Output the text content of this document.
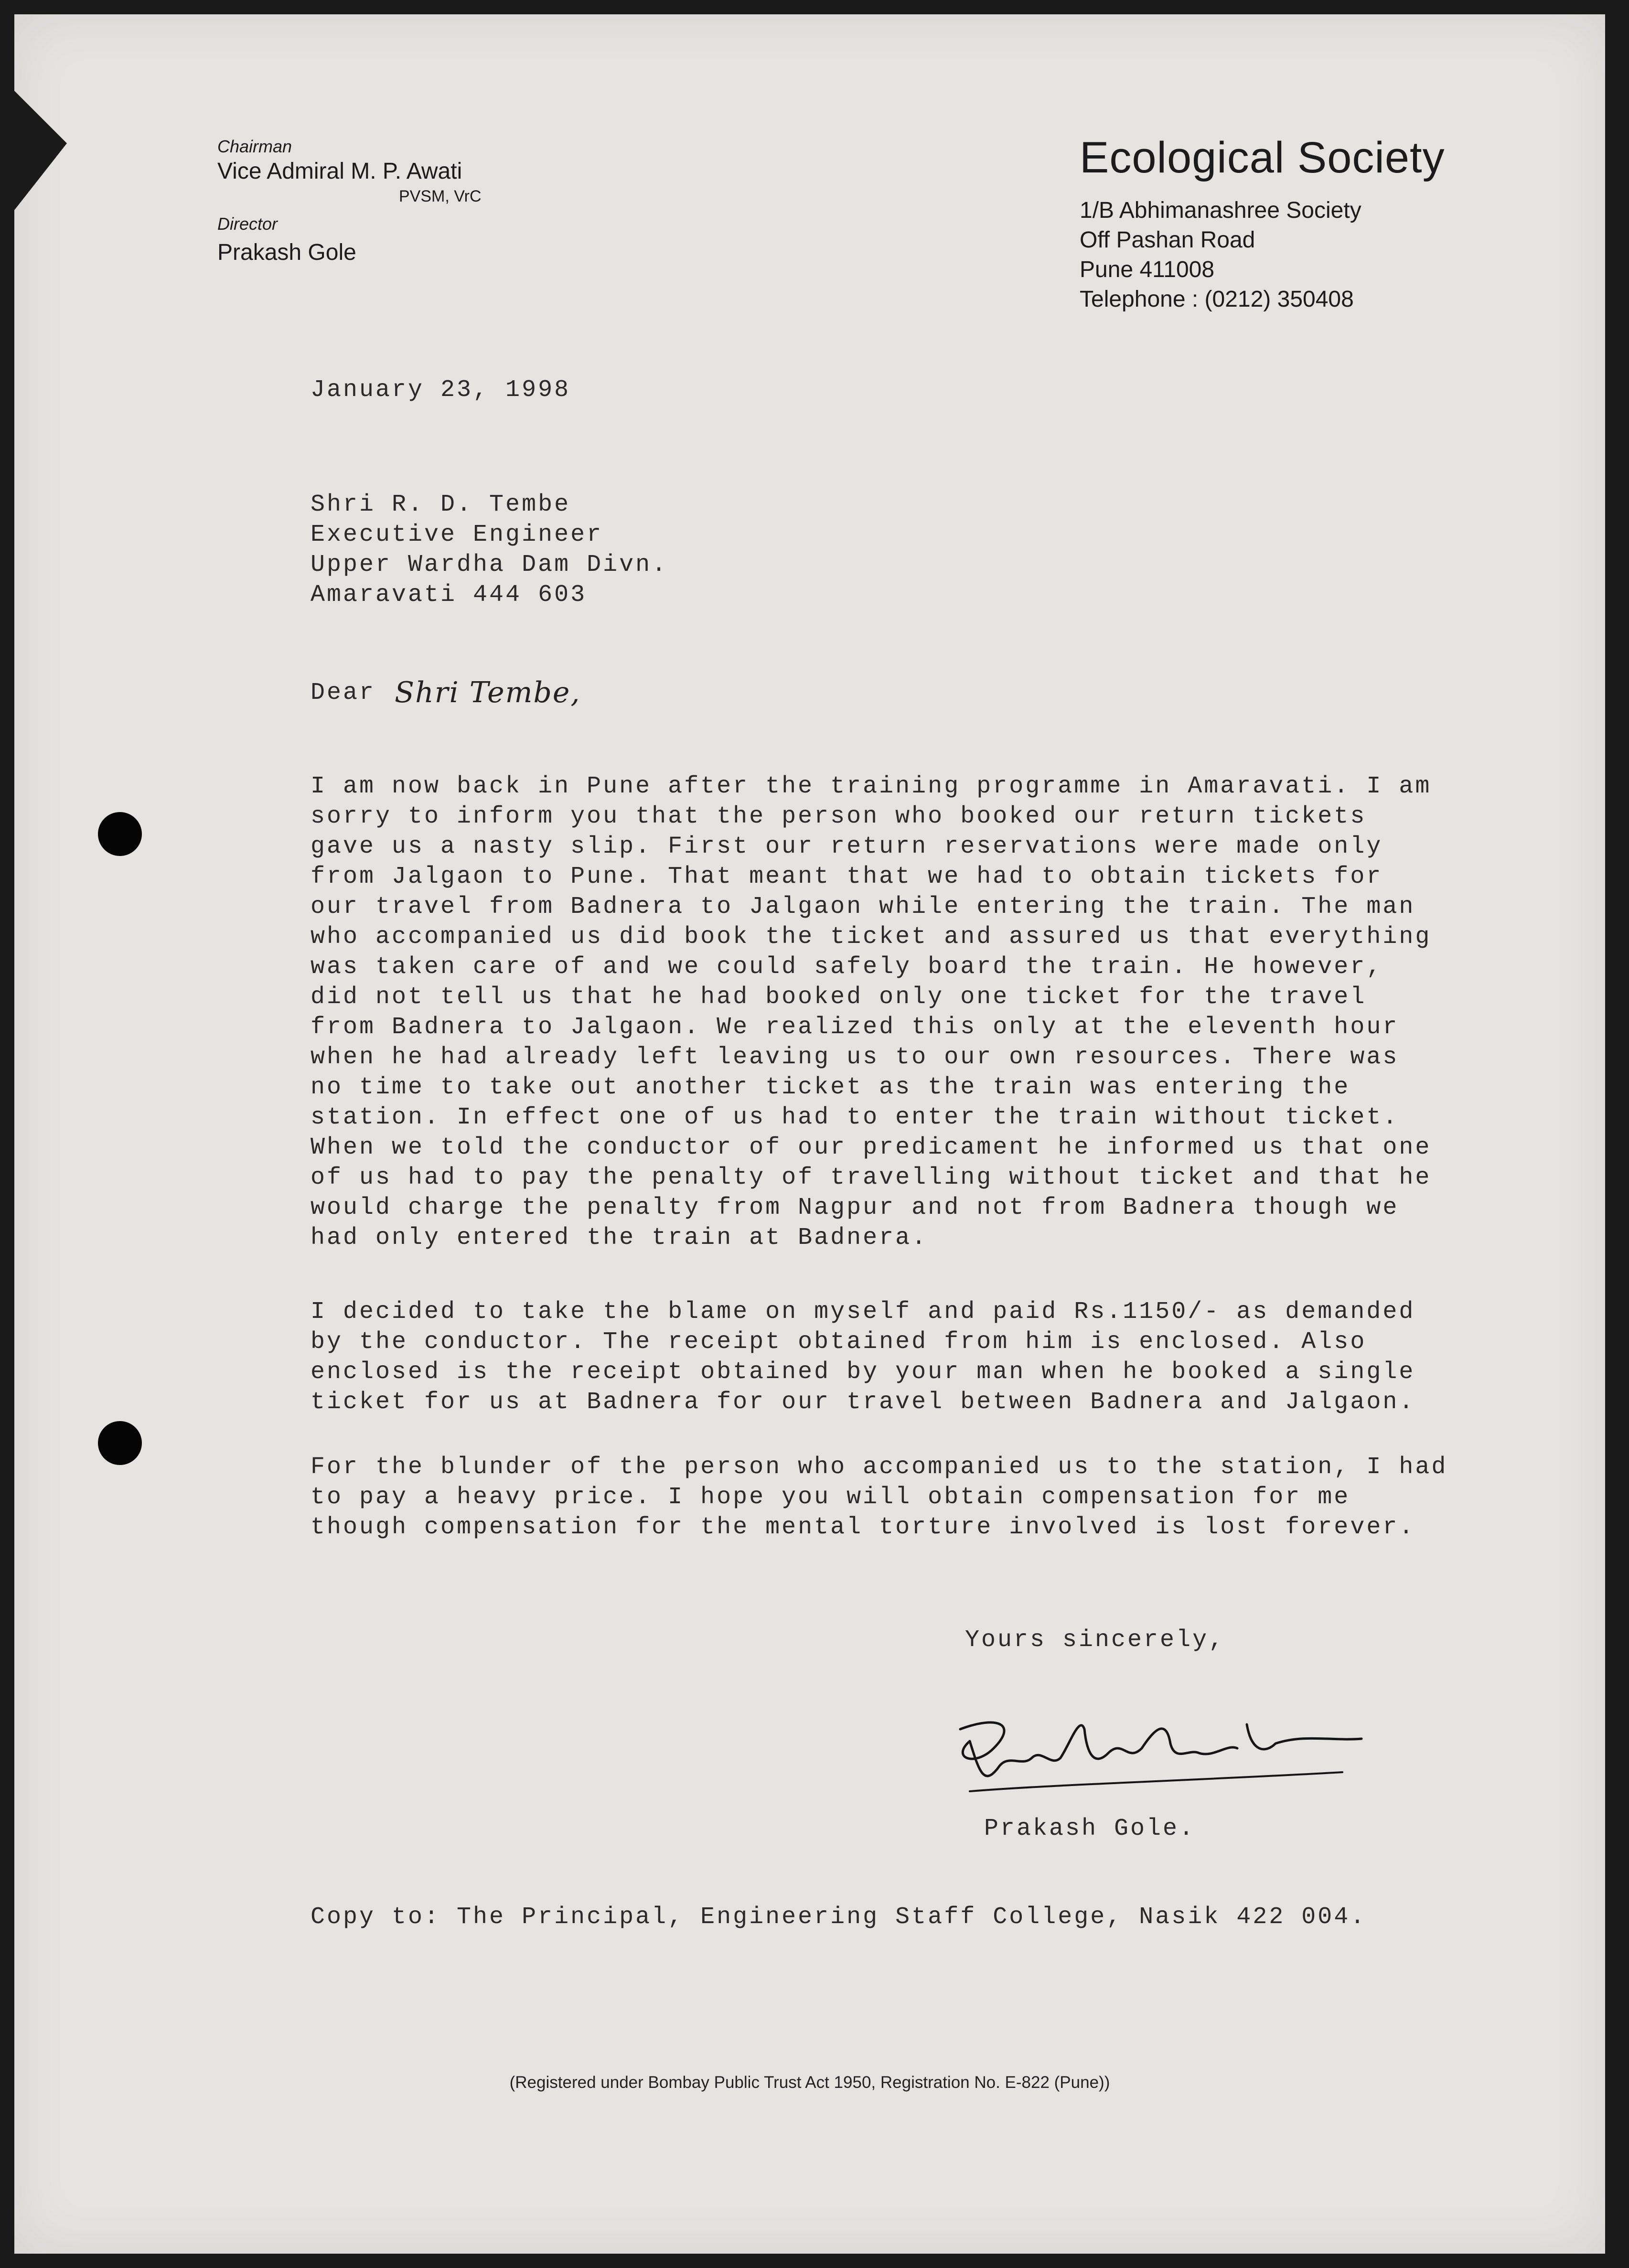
Chairman
Vice Admiral M. P. Awati
PVSM, VrC
Director
Prakash Gole
Ecological Society
1/B Abhimanashree Society
Off Pashan Road
Pune 411008
Telephone : (0212) 350408
January 23, 1998
Shri R. D. Tembe
Executive Engineer
Upper Wardha Dam Divn.
Amaravati 444 603
Dear Shri Tembe,
I am now back in Pune after the training programme in Amaravati. I am
sorry to inform you that the person who booked our return tickets
gave us a nasty slip. First our return reservations were made only
from Jalgaon to Pune. That meant that we had to obtain tickets for
our travel from Badnera to Jalgaon while entering the train. The man
who accompanied us did book the ticket and assured us that everything
was taken care of and we could safely board the train. He however,
did not tell us that he had booked only one ticket for the travel
from Badnera to Jalgaon. We realized this only at the eleventh hour
when he had already left leaving us to our own resources. There was
no time to take out another ticket as the train was entering the
station. In effect one of us had to enter the train without ticket.
When we told the conductor of our predicament he informed us that one
of us had to pay the penalty of travelling without ticket and that he
would charge the penalty from Nagpur and not from Badnera though we
had only entered the train at Badnera.
I decided to take the blame on myself and paid Rs.1150/- as demanded
by the conductor. The receipt obtained from him is enclosed. Also
enclosed is the receipt obtained by your man when he booked a single
ticket for us at Badnera for our travel between Badnera and Jalgaon.
For the blunder of the person who accompanied us to the station, I had
to pay a heavy price. I hope you will obtain compensation for me
though compensation for the mental torture involved is lost forever.
Yours sincerely,
Prakash Gole.
Copy to: The Principal, Engineering Staff College, Nasik 422 004.
(Registered under Bombay Public Trust Act 1950, Registration No. E-822 (Pune))
